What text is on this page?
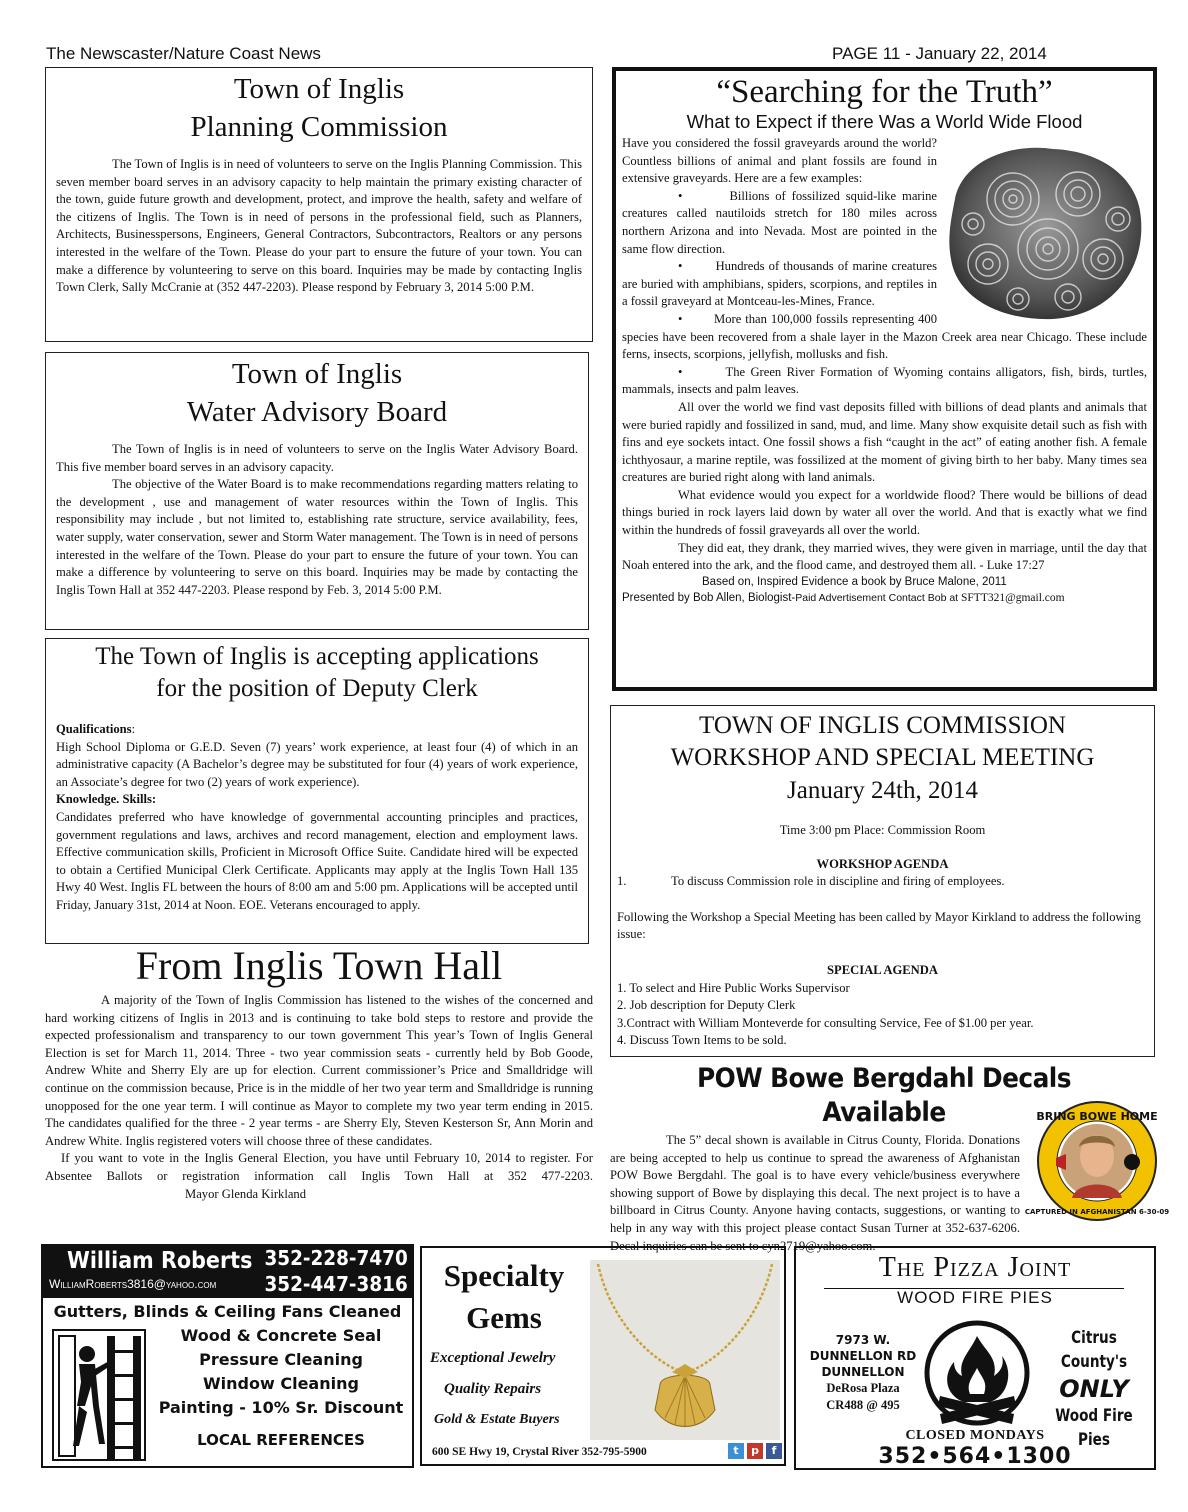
The Newscaster/Nature Coast News	PAGE 11 - January 22, 2014
Town of Inglis
Planning Commission

The Town of Inglis is in need of volunteers to serve on the Inglis Planning Commission. This seven member board serves in an advisory capacity to help maintain the primary existing character of the town, guide future growth and development, protect, and improve the health, safety and welfare of the citizens of Inglis. The Town is in need of persons in the professional field, such as Planners, Architects, Businesspersons, Engineers, General Contractors, Subcontractors, Realtors or any persons interested in the welfare of the Town. Please do your part to ensure the future of your town. You can make a difference by volunteering to serve on this board. Inquiries may be made by contacting Inglis Town Clerk, Sally McCranie at (352 447-2203). Please respond by February 3, 2014 5:00 P.M.

Town of Inglis
Water Advisory Board

The Town of Inglis is in need of volunteers to serve on the Inglis Water Advisory Board. This five member board serves in an advisory capacity.

The objective of the Water Board is to make recommendations regarding matters relating to the development , use and management of water resources within the Town of Inglis. This responsibility may include , but not limited to, establishing rate structure, service availability, fees, water supply, water conservation, sewer and Storm Water management. The Town is in need of persons interested in the welfare of the Town. Please do your part to ensure the future of your town. You can make a difference by volunteering to serve on this board. Inquiries may be made by contacting the Inglis Town Hall at 352 447-2203. Please respond by Feb. 3, 2014 5:00 P.M.

The Town of Inglis is accepting applications
for the position of Deputy Clerk

Qualifications:

High School Diploma or G.E.D. Seven (7) years’ work experience, at least four (4) of which in an administrative capacity (A Bachelor’s degree may be substituted for four (4) years of work experience, an Associate’s degree for two (2) years of work experience).

Knowledge. Skills:

Candidates preferred who have knowledge of governmental accounting principles and practices, government regulations and laws, archives and record management, election and employment laws. Effective communication skills, Proficient in Microsoft Office Suite. Candidate hired will be expected to obtain a Certified Municipal Clerk Certificate. Applicants may apply at the Inglis Town Hall 135 Hwy 40 West. Inglis FL between the hours of 8:00 am and 5:00 pm. Applications will be accepted until Friday, January 31st, 2014 at Noon. EOE. Veterans encouraged to apply.

From Inglis Town Hall

A majority of the Town of Inglis Commission has listened to the wishes of the concerned and hard working citizens of Inglis in 2013 and is continuing to take bold steps to restore and provide the expected professionalism and transparency to our town government This year’s Town of Inglis General Election is set for March 11, 2014. Three - two year commission seats - currently held by Bob Goode, Andrew White and Sherry Ely are up for election. Current commissioner’s Price and Smalldridge will continue on the commission because, Price is in the middle of her two year term and Smalldridge is running unopposed for the one year term. I will continue as Mayor to complete my two year term ending in 2015. The candidates qualified for the three - 2 year terms - are Sherry Ely, Steven Kesterson Sr, Ann Morin and Andrew White. Inglis registered voters will choose three of these candidates.

If you want to vote in the Inglis General Election, you have until February 10, 2014 to register. For Absentee Ballots or registration information call Inglis Town Hall at 352 477-2203. Mayor Glenda Kirkland

“Searching for the Truth”
What to Expect if there Was a World Wide Flood

Have you considered the fossil graveyards around the world? Countless billions of animal and plant fossils are found in extensive graveyards. Here are a few examples:

•	Billions of fossilized squid-like marine creatures called nautiloids stretch for 180 miles across northern Arizona and into Nevada. Most are pointed in the same flow direction.

•	Hundreds of thousands of marine creatures are buried with amphibians, spiders, scorpions, and reptiles in a fossil graveyard at Montceau-les-Mines, France.

•	More than 100,000 fossils representing 400 species have been recovered from a shale layer in the Mazon Creek area near Chicago. These include ferns, insects, scorpions, jellyfish, mollusks and fish.

•	The Green River Formation of Wyoming contains alligators, fish, birds, turtles, mammals, insects and palm leaves.

All over the world we find vast deposits filled with billions of dead plants and animals that were buried rapidly and fossilized in sand, mud, and lime. Many show exquisite detail such as fish with fins and eye sockets intact. One fossil shows a fish “caught in the act” of eating another fish. A female ichthyosaur, a marine reptile, was fossilized at the moment of giving birth to her baby. Many times sea creatures are buried right along with land animals.

What evidence would you expect for a worldwide flood? There would be billions of dead things buried in rock layers laid down by water all over the world. And that is exactly what we find within the hundreds of fossil graveyards all over the world.

They did eat, they drank, they married wives, they were given in marriage, until the day that Noah entered into the ark, and the flood came, and destroyed them all. - Luke 17:27

Based on, Inspired Evidence a book by Bruce Malone, 2011
Presented by Bob Allen, Biologist-Paid Advertisement Contact Bob at SFTT321@gmail.com
TOWN OF INGLIS COMMISSION
WORKSHOP AND SPECIAL MEETING
January 24th, 2014
Time 3:00 pm Place: Commission Room
WORKSHOP AGENDA
1.	To discuss Commission role in discipline and firing of employees.
Following the Workshop a Special Meeting has been called by Mayor Kirkland to address the following issue:
SPECIAL AGENDA
1. To select and Hire Public Works Supervisor
2. Job description for Deputy Clerk
3.Contract with William Monteverde for consulting Service, Fee of $1.00 per year.
4. Discuss Town Items to be sold.
POW Bowe Bergdahl Decals Available	BRING BOWE HOME
CAPTURED IN AFGHANISTAN 6-30-09

The 5” decal shown is available in Citrus County, Florida. Donations are being accepted to help us continue to spread the awareness of Afghanistan POW Bowe Bergdahl. The goal is to have every vehicle/business everywhere showing support of Bowe by displaying this decal. The next project is to have a billboard in Citrus County. Anyone having contacts, suggestions, or wanting to help in any way with this project please contact Susan Turner at 352-637-6206. Decal inquiries can be sent to cyn2719@yahoo.com.

William Roberts 352-228-7470
WilliamRoberts3816@yahoo.com 352-447-3816
Gutters, Blinds & Ceiling Fans Cleaned
Wood & Concrete Seal
Pressure Cleaning
Window Cleaning
Painting - 10% Sr. Discount
LOCAL REFERENCES
Specialty
Gems
Exceptional Jewelry
Quality Repairs
Gold & Estate Buyers
600 SE Hwy 19, Crystal River 352-795-5900	t	p	f
The Pizza Joint
WOOD FIRE PIES
7973 W.
DUNNELLON RD
DUNNELLON
DeRosa Plaza
CR488 @ 495
Citrus County's
ONLY
Wood Fire Pies
CLOSED MONDAYS
352•564•1300
